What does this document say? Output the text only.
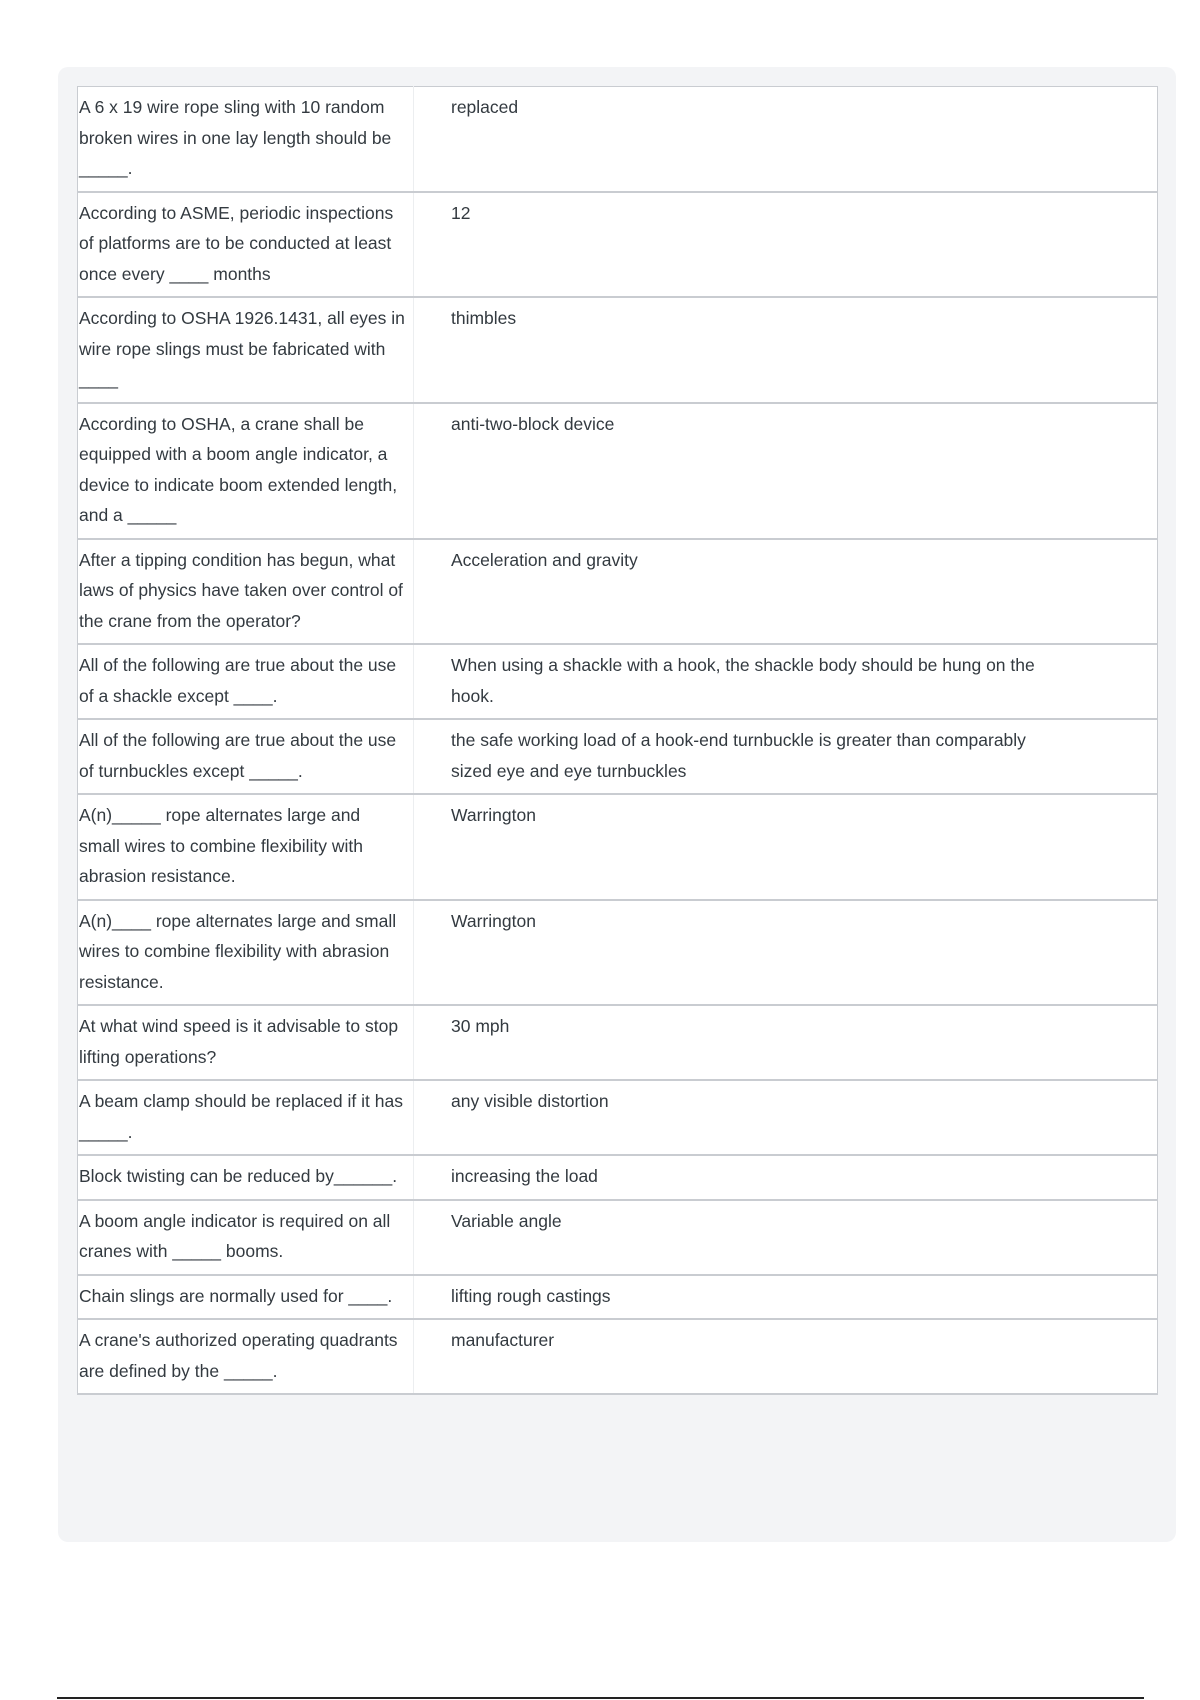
A 6 x 19 wire rope sling with 10 random broken wires in one lay length should be _____.	replaced
According to ASME, periodic inspections of platforms are to be conducted at least once every ____ months	12
According to OSHA 1926.1431, all eyes in wire rope slings must be fabricated with ____	thimbles
According to OSHA, a crane shall be equipped with a boom angle indicator, a device to indicate boom extended length, and a _____	anti-two-block device
After a tipping condition has begun, what laws of physics have taken over control of the crane from the operator?	Acceleration and gravity
All of the following are true about the use of a shackle except ____.	When using a shackle with a hook, the shackle body should be hung on the hook.
All of the following are true about the use of turnbuckles except _____.	the safe working load of a hook-end turnbuckle is greater than comparably sized eye and eye turnbuckles
A(n)_____ rope alternates large and small wires to combine flexibility with abrasion resistance.	Warrington
A(n)____ rope alternates large and small wires to combine flexibility with abrasion resistance.	Warrington
At what wind speed is it advisable to stop lifting operations?	30 mph
A beam clamp should be replaced if it has _____.	any visible distortion
Block twisting can be reduced by______.	increasing the load
A boom angle indicator is required on all cranes with _____ booms.	Variable angle
Chain slings are normally used for ____.	lifting rough castings
A crane's authorized operating quadrants are defined by the _____.	manufacturer
